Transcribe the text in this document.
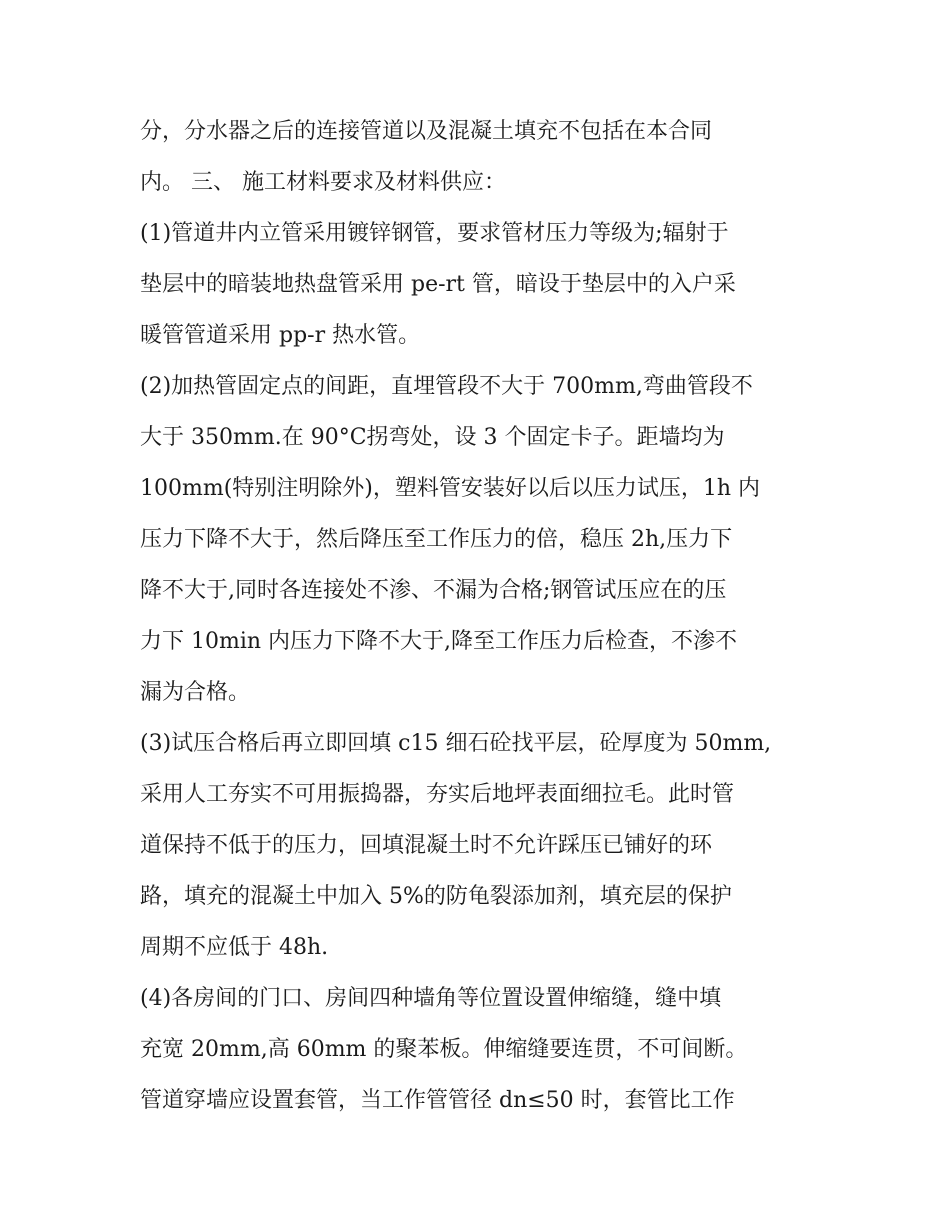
分，分水器之后的连接管道以及混凝土填充不包括在本合同
内。 三、 施工材料要求及材料供应：
(1)管道井内立管采用镀锌钢管，要求管材压力等级为;辐射于
垫层中的暗装地热盘管采用 pe-rt 管，暗设于垫层中的入户采
暖管管道采用 pp-r 热水管。
(2)加热管固定点的间距，直埋管段不大于 700mm,弯曲管段不
大于 350mm.在 90°C拐弯处，设 3 个固定卡子。距墙均为
100mm(特别注明除外)，塑料管安装好以后以压力试压，1h 内
压力下降不大于，然后降压至工作压力的倍，稳压 2h,压力下
降不大于,同时各连接处不渗、不漏为合格;钢管试压应在的压
力下 10min 内压力下降不大于,降至工作压力后检查，不渗不
漏为合格。
(3)试压合格后再立即回填 c15 细石砼找平层，砼厚度为 50mm,
采用人工夯实不可用振捣器，夯实后地坪表面细拉毛。此时管
道保持不低于的压力，回填混凝土时不允许踩压已铺好的环
路，填充的混凝土中加入 5%的防龟裂添加剂，填充层的保护
周期不应低于 48h.
(4)各房间的门口、房间四种墙角等位置设置伸缩缝，缝中填
充宽 20mm,高 60mm 的聚苯板。伸缩缝要连贯，不可间断。
管道穿墙应设置套管，当工作管管径 dn≤50 时，套管比工作
